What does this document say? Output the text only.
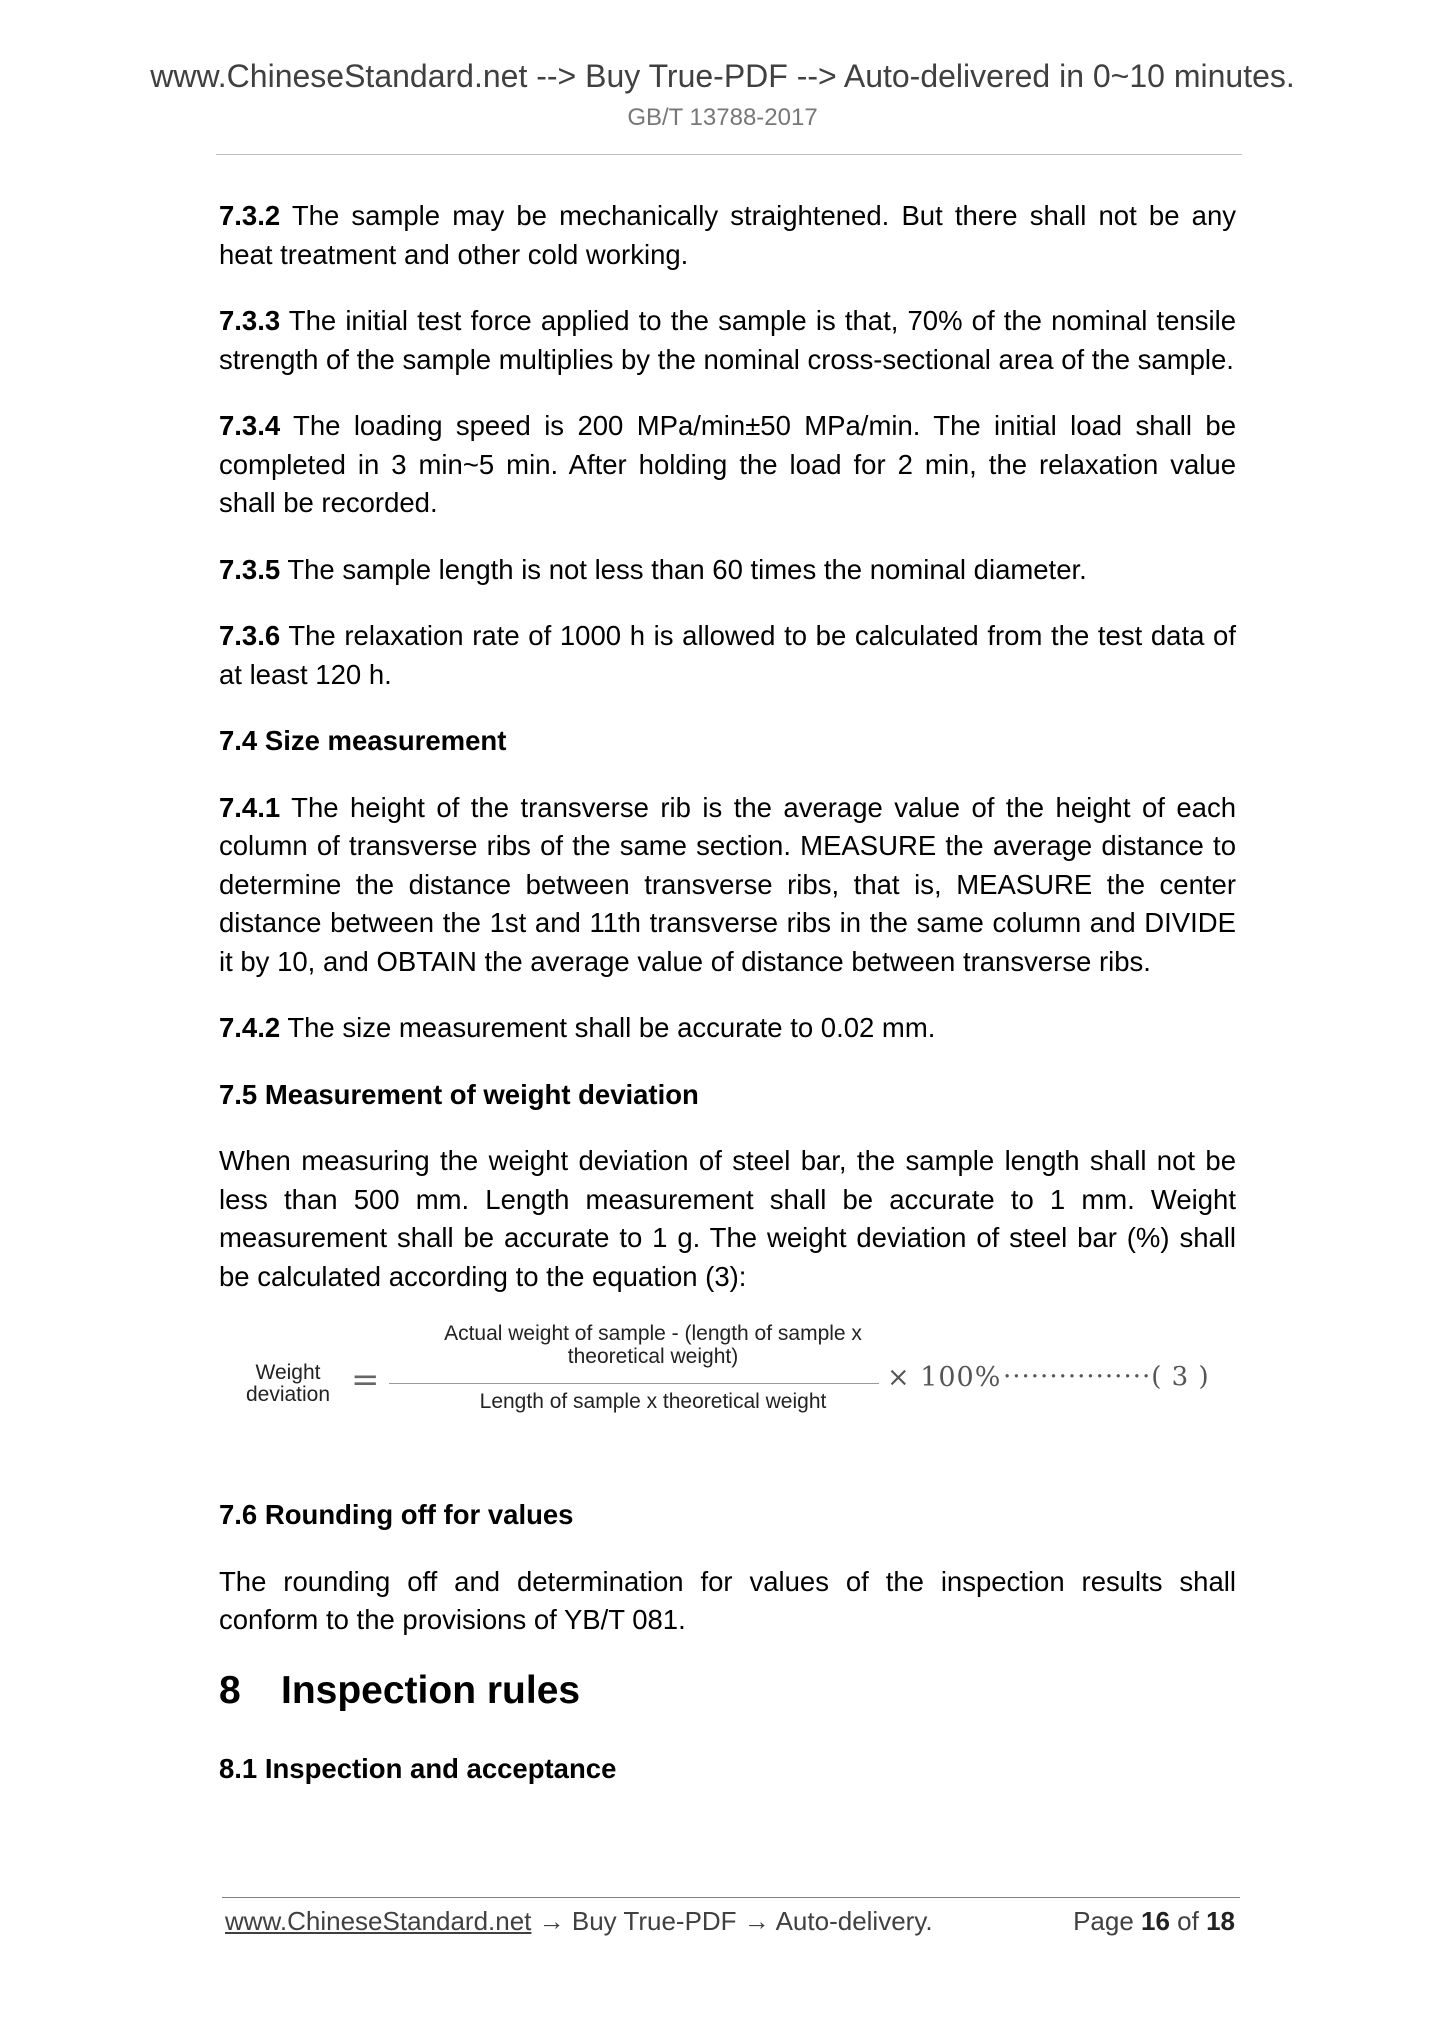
www.ChineseStandard.net --> Buy True-PDF --> Auto-delivered in 0~10 minutes.
GB/T 13788-2017

7.3.2 The sample may be mechanically straightened. But there shall not be any heat treatment and other cold working.

7.3.3 The initial test force applied to the sample is that, 70% of the nominal tensile strength of the sample multiplies by the nominal cross-sectional area of the sample.

7.3.4 The loading speed is 200 MPa/min±50 MPa/min. The initial load shall be completed in 3 min~5 min. After holding the load for 2 min, the relaxation value shall be recorded.

7.3.5 The sample length is not less than 60 times the nominal diameter.

7.3.6 The relaxation rate of 1000 h is allowed to be calculated from the test data of at least 120 h.

7.4 Size measurement

7.4.1 The height of the transverse rib is the average value of the height of each column of transverse ribs of the same section. MEASURE the average distance to determine the distance between transverse ribs, that is, MEASURE the center distance between the 1st and 11th transverse ribs in the same column and DIVIDE it by 10, and OBTAIN the average value of distance between transverse ribs.

7.4.2 The size measurement shall be accurate to 0.02 mm.

7.5 Measurement of weight deviation

When measuring the weight deviation of steel bar, the sample length shall not be less than 500 mm. Length measurement shall be accurate to 1 mm. Weight measurement shall be accurate to 1 g. The weight deviation of steel bar (%) shall be calculated according to the equation (3):

Weight
deviation =
Actual weight of sample - (length of sample x
theoretical weight)
Length of sample x theoretical weight
× 100% ················( 3 )
7.6 Rounding off for values

The rounding off and determination for values of the inspection results shall conform to the provisions of YB/T 081.

8 Inspection rules
8.1 Inspection and acceptance
www.ChineseStandard.net → Buy True-PDF → Auto-delivery.	Page 16 of 18
